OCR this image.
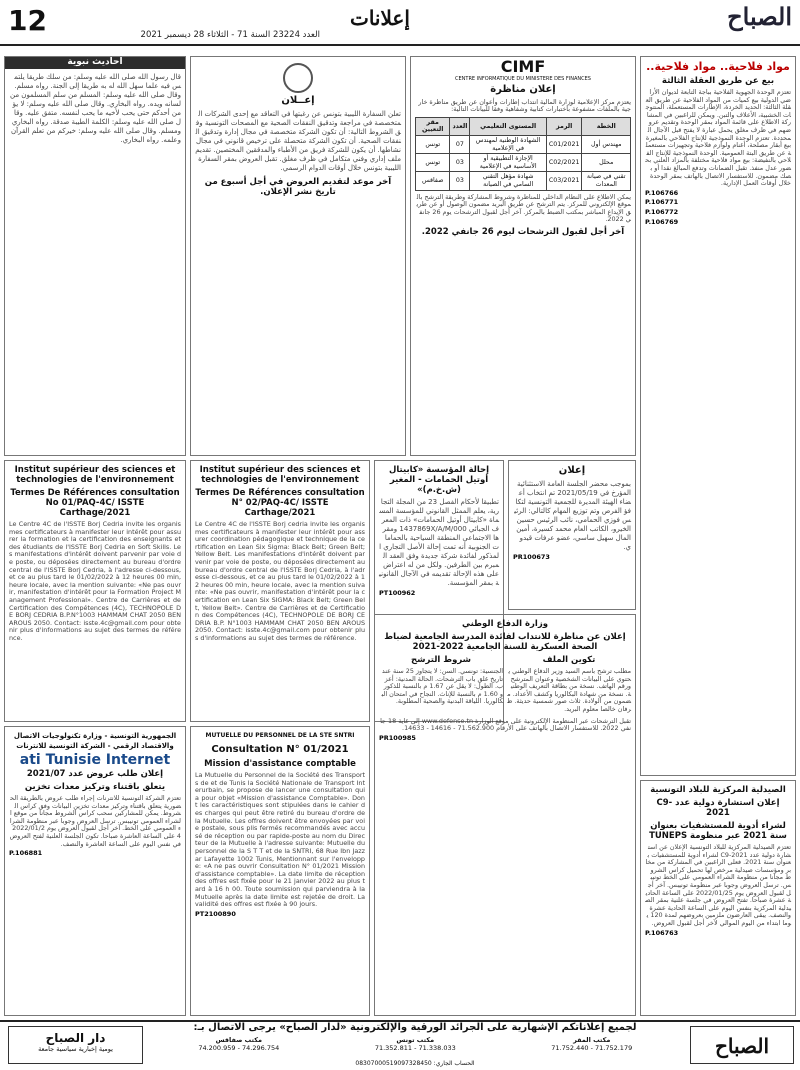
12	إعلانات	الصباح
العدد 23224 السنة 71 - الثلاثاء 28 ديسمبر 2021
مواد فلاحية.. مواد فلاحية..
بيع عن طريق العقلة الثالثة
تعتزم الوحدة الجهوية الفلاحية بباجة التابعة لديوان الأراضي الدولية بيع كميات من المواد الفلاحية عن طريق العقلة الثالثة: الحديد الخردة، الإطارات المستعملة، المنتوجات الخشبية، الأعلاف والتبن. ويمكن للراغبين في المشاركة الاطلاع على قائمة المواد بمقر الوحدة وتقديم عروضهم في ظرف مغلق يحمل عبارة لا يفتح قبل الآجال المحددة. تعتزم الوحدة النموذجية للإنتاج الفلاحي بالمغيرة بيع أبقار مصلحة، أغنام ولوازم فلاحية وتجهيزات مستعملة عن طريق البتة العمومية. الوحدة النموذجية للإنتاج الفلاحي بالنفيضة: بيع مواد فلاحية مختلفة بالمزاد العلني بحضور عدل منفذ. تقبل الضمانات وتدفع المبالغ نقدا أو بصك مضمون. للاستفسار الاتصال بالهاتف بمقر الوحدة خلال أوقات العمل الإدارية.
P.106766
P.106771
P.106772
P.106769
CIMF
CENTRE INFORMATIQUE DU MINISTERE DES FINANCES
إعلان مناظرة
يعتزم مركز الإعلامية لوزارة المالية انتداب إطارات وأعوان عن طريق مناظرة خارجية بالملفات مشفوعة باختبارات كتابية وشفاهية وفقا للبيانات التالية:
الخطة	الرمز	المستوى التعليمي	العدد	مقر التعيين
مهندس أول	C01/2021	الشهادة الوطنية لمهندس في الإعلامية	07	تونس
محلل	C02/2021	الإجازة التطبيقية أو الأساسية في الإعلامية	03	تونس
تقني في صيانة المعدات	C03/2021	شهادة مؤهل التقني السامي في الصيانة	03	صفاقس
يمكن الاطلاع على النظام الداخلي للمناظرة وشروط المشاركة وطريقة الترشح بالموقع الإلكتروني للمركز. يتم الترشح عن طريق البريد مضمون الوصول أو عن طريق الإيداع المباشر بمكتب الضبط بالمركز. آخر أجل لقبول الترشحات يوم 26 جانفي 2022.
آخر أجل لقبول الترشحات ليوم 26 جانفي 2022.
إعــلان
تعلن السفارة الليبية بتونس عن رغبتها في التعاقد مع إحدى الشركات المتخصصة في مراجعة وتدقيق النفقات الصحية مع المصحات التونسية وفق الشروط التالية: أن تكون الشركة متخصصة في مجال إدارة وتدقيق النفقات الصحية. أن تكون الشركة متحصلة على ترخيص قانوني في مجال نشاطها. أن يكون للشركة فريق من الأطباء والمدققين المختصين. تقديم ملف إداري وفني متكامل في ظرف مغلق. تقبل العروض بمقر السفارة الليبية بتونس خلال أوقات الدوام الرسمي.
آخر موعد لتقديم العروض في أجل أسبوع من تاريخ نشر الإعلان.
أحاديث نبوية
قال رسول الله صلى الله عليه وسلم: من سلك طريقا يلتمس فيه علما سهل الله له به طريقا إلى الجنة. رواه مسلم. وقال صلى الله عليه وسلم: المسلم من سلم المسلمون من لسانه ويده. رواه البخاري. وقال صلى الله عليه وسلم: لا يؤمن أحدكم حتى يحب لأخيه ما يحب لنفسه. متفق عليه. وقال صلى الله عليه وسلم: الكلمة الطيبة صدقة. رواه البخاري ومسلم. وقال صلى الله عليه وسلم: خيركم من تعلم القرآن وعلمه. رواه البخاري.
Institut supérieur des sciences et technologies de l'environnement
Termes De Références consultation No 01/PAQ-4C/ ISSTE Carthage/2021
Le Centre 4C de l'ISSTE Borj Cedria invite les organismes certificateurs à manifester leur intérêt pour assurer la formation et la certification des enseignants et des étudiants de l'ISSTE Borj Cedria en Soft Skills. Les manifestations d'intérêt doivent parvenir par voie de poste, ou déposées directement au bureau d'ordre central de l'ISSTE Borj Cedria, à l'adresse ci-dessous, et ce au plus tard le 01/02/2022 à 12 heures 00 min, heure locale, avec la mention suivante: «Ne pas ouvrir, manifestation d'intérêt pour la Formation Project Management Professional». Centre de Carrières et de Certification des Compétences (4C), TECHNOPOLE DE BORJ CEDRIA B.P.N°1003 HAMMAM CHAT 2050 BEN AROUS 2050. Contact: isste.4c@gmail.com pour obtenir plus d'informations au sujet des termes de référence.
Institut supérieur des sciences et technologies de l'environnement
Termes De Références consultation N° 02/PAQ-4C/ ISSTE Carthage/2021
Le Centre 4C de l'ISSTE Borj cedria invite les organismes certificateurs à manifester leur intérêt pour assurer coordination pédagogique et technique de la certification en Lean Six Sigma: Black Belt; Green Belt; Yellow Belt. Les manifestations d'intérêt doivent parvenir par voie de poste, ou déposées directement au bureau d'ordre central de l'ISSTE Borj Cedria, à l'adresse ci-dessous, et ce au plus tard le 01/02/2022 à 12 heures 00 min, heure locale, avec la mention suivante: «Ne pas ouvrir, manifestation d'intérêt pour la certification en Lean Six SIGMA: Black Belt; Green Belt, Yellow Belt». Centre de Carrières et de Certification des Compétences (4C), TECHNOPOLE DE BORJ CEDRIA B.P. N°1003 HAMMAM CHAT 2050 BEN AROUS 2050. Contact: isste.4c@gmail.com pour obtenir plus d'informations au sujet des termes de référence.
إحالة المؤسسة «كابيتال أوتيل الحمامات - المغير (ش.خ.م)»
تطبيقا لأحكام الفصل 23 من المجلة التجارية، يعلم الممثل القانوني للمؤسسة المسماة «كابيتال أوتيل الحمامات» ذات المعرف الجبائي 1437869X/A/M/000 ومقرها الاجتماعي المنطقة السياحية بالحمامات الجنوبية أنه تمت إحالة الأصل التجاري المذكور لفائدة شركة جديدة وفق العقد المبرم بين الطرفين. ولكل من له اعتراض على هذه الإحالة تقديمه في الآجال القانونية بمقر المؤسسة.
PT100962
إعلان
بموجب محضر الجلسة العامة الاستثنائية المؤرخ في 2021/05/19 تم انتخاب أعضاء الهيئة المديرة للجمعية التونسية لتكافؤ الفرص وتم توزيع المهام كالتالي: الرئيس فوزي الحمامي، نائب الرئيس حسين الخيرو، الكاتب العام محمد كسيرة، أمين المال سهيل ساسي، عضو عرفات قيدوي.
PR100673
وزارة الدفاع الوطني
إعلان عن مناظرة للانتداب لفائدة المدرسة الجامعية لضباط الصحة العسكرية للسنة الجامعية 2022-2021
شروط الترشح
الجنسية: تونسي. السن: لا يتجاوز 25 سنة عند تاريخ غلق باب الترشحات. الحالة المدنية: أعزب. الطول: لا يقل عن 1.67 م بالنسبة للذكور و 1.60 م بالنسبة للإناث. النجاح في امتحان البكالوريا. اللياقة البدنية والصحية المطلوبة.
تكوين الملف
مطلب ترشح باسم السيد وزير الدفاع الوطني يحتوي على البيانات الشخصية وعنوان المترشح ورقم الهاتف. نسخة من بطاقة التعريف الوطنية. نسخة من شهادة البكالوريا وكشف الأعداد. مضمون من الولادة. ثلاث صور شمسية حديثة. ظرفان خالصا معلوم البريد.
تقبل الترشحات عبر المنظومة الإلكترونية على موقع الوزارة www.defense.tn إلى غاية 18 جانفي 2022. للاستفسار الاتصال بالهاتف على الأرقام 71.562.900 - 14616 - 14633.
PR100985
الجمهورية التونسية - وزارة تكنولوجيات الاتصال والاقتصاد الرقمي - الشركة التونسية للانترنات
ati Tunisie Internet
إعلان طلب عروض عدد 2021/07
يتعلق باقتناء وتركيز معدات تخزين
تعتزم الشركة التونسية للانترنات إجراء طلب عروض بالطريقة الحضورية يتعلق باقتناء وتركيز معدات تخزين البيانات وفق كراس الشروط. يمكن للمشاركين سحب كراس الشروط مجانا من موقع الشراء العمومي تونيبس. ترسل العروض وجوبا عبر منظومة الشراء العمومي على الخط. آخر أجل لقبول العروض يوم 2022/01/24 على الساعة العاشرة صباحا. تكون الجلسة العلنية لفتح العروض في نفس اليوم على الساعة العاشرة والنصف.
P.106881
MUTUELLE DU PERSONNEL DE LA STE SNTRI
Consultation N° 01/2021
Mission d'assistance comptable
La Mutuelle du Personnel de la Société des Transports de et de Tunis la Société Nationale de Transport Interurbain, se propose de lancer une consultation qui a pour objet «Mission d'assistance Comptable». Dont les caractéristiques sont stipulées dans le cahier des charges qui peut être retiré du bureau d'ordre de la Mutuelle. Les offres doivent être envoyées par voie postale, sous plis fermés recommandés avec accusé de réception ou par rapide-poste au nom du Directeur de la Mutuelle à l'adresse suivante: Mutuelle du personnel de la S T T et de la SNTRI, 68 Rue Ibn Jazzar Lafayette 1002 Tunis, Mentionnant sur l'enveloppe: «A ne pas ouvrir Consultation N° 01/2021 Mission d'assistance comptable». La date limite de réception des offres est fixée pour le 21 janvier 2022 au plus tard à 16 h 00. Toute soumission qui parviendra à la Mutuelle après la date limite est rejetée de droit. La validité des offres est fixée à 90 jours.
PT2100890
الصيدلية المركزية للبلاد التونسية
إعلان استشارة دولية عدد C9-2021
لشراء أدوية للمستشفيات بعنوان سنة 2021 عبر منظومة TUNEPS
تعتزم الصيدلية المركزية للبلاد التونسية الإعلان عن استشارة دولية عدد C9-2021 لشراء أدوية للمستشفيات بعنوان سنة 2021. فعلى الراغبين في المشاركة من مخابر ومؤسسات صيدلية مرخص لها تحميل كراس الشروط مجانا من منظومة الشراء العمومي على الخط تونيبس. ترسل العروض وجوبا عبر منظومة تونيبس. آخر أجل لقبول العروض يوم 2022/01/25 على الساعة الحادية عشرة صباحا. تفتح العروض في جلسة علنية بمقر الصيدلية المركزية بنفس اليوم على الساعة الحادية عشرة والنصف. يبقى العارضون ملزمين بعروضهم لمدة 120 يوما ابتداء من اليوم الموالي لآخر أجل لقبول العروض.
P.106763
الصباح
لجميع إعلاناتكم الإشهارية على الجرائد الورقية والإلكترونية «لدار الصباح» يرجى الاتصال بـ:
مكتب المقر
71.752.179 - 71.752.440
مكتب تونس
71.338.033 - 71.352.811
مكتب صفاقس
74.296.754 - 74.200.959
دار الصباح
يومية إخبارية سياسية جامعة
الحساب الجاري: 08307000519097328450
